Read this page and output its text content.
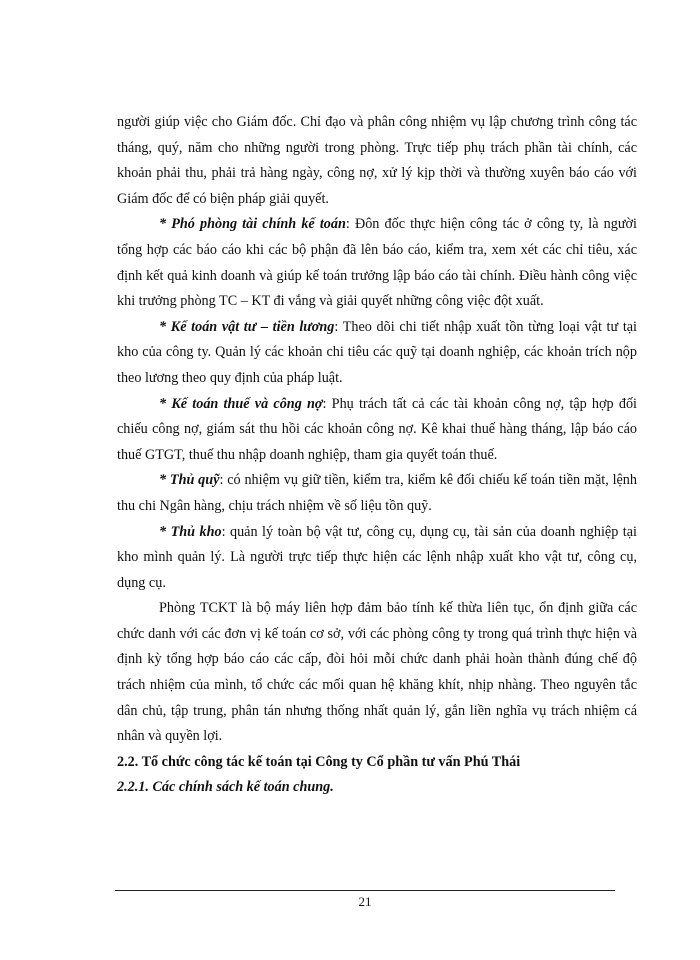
người giúp việc cho Giám đốc. Chỉ đạo và phân công nhiệm vụ lập chương trình công tác tháng, quý, năm cho những người trong phòng. Trực tiếp phụ trách phần tài chính, các khoản phải thu, phải trả hàng ngày, công nợ, xử lý kịp thời và thường xuyên báo cáo với Giám đốc để có biện pháp giải quyết.

* Phó phòng tài chính kế toán: Đôn đốc thực hiện công tác ở công ty, là người tổng hợp các báo cáo khi các bộ phận đã lên báo cáo, kiểm tra, xem xét các chỉ tiêu, xác định kết quả kinh doanh và giúp kế toán trưởng lập báo cáo tài chính. Điều hành công việc khi trưởng phòng TC – KT đi vắng và giải quyết những công việc đột xuất.

* Kế toán vật tư – tiền lương: Theo dõi chi tiết nhập xuất tồn từng loại vật tư tại kho của công ty. Quản lý các khoản chi tiêu các quỹ tại doanh nghiệp, các khoản trích nộp theo lương theo quy định của pháp luật.

* Kế toán thuế và công nợ: Phụ trách tất cả các tài khoản công nợ, tập hợp đối chiếu công nợ, giám sát thu hồi các khoản công nợ. Kê khai thuế hàng tháng, lập báo cáo thuế GTGT, thuế thu nhập doanh nghiệp, tham gia quyết toán thuế.

* Thủ quỹ: có nhiệm vụ giữ tiền, kiểm tra, kiểm kê đối chiếu kế toán tiền mặt, lệnh thu chi Ngân hàng, chịu trách nhiệm về số liệu tồn quỹ.

* Thủ kho: quản lý toàn bộ vật tư, công cụ, dụng cụ, tài sản của doanh nghiệp tại kho mình quản lý. Là người trực tiếp thực hiện các lệnh nhập xuất kho vật tư, công cụ, dụng cụ.

Phòng TCKT là bộ máy liên hợp đảm bảo tính kế thừa liên tục, ổn định giữa các chức danh với các đơn vị kế toán cơ sở, với các phòng công ty trong quá trình thực hiện và định kỳ tổng hợp báo cáo các cấp, đòi hỏi mỗi chức danh phải hoàn thành đúng chế độ trách nhiệm của mình, tổ chức các mối quan hệ khăng khít, nhịp nhàng. Theo nguyên tắc dân chủ, tập trung, phân tán nhưng thống nhất quản lý, gắn liền nghĩa vụ trách nhiệm cá nhân và quyền lợi.

2.2. Tổ chức công tác kế toán tại Công ty Cổ phần tư vấn Phú Thái

2.2.1. Các chính sách kế toán chung.

21
